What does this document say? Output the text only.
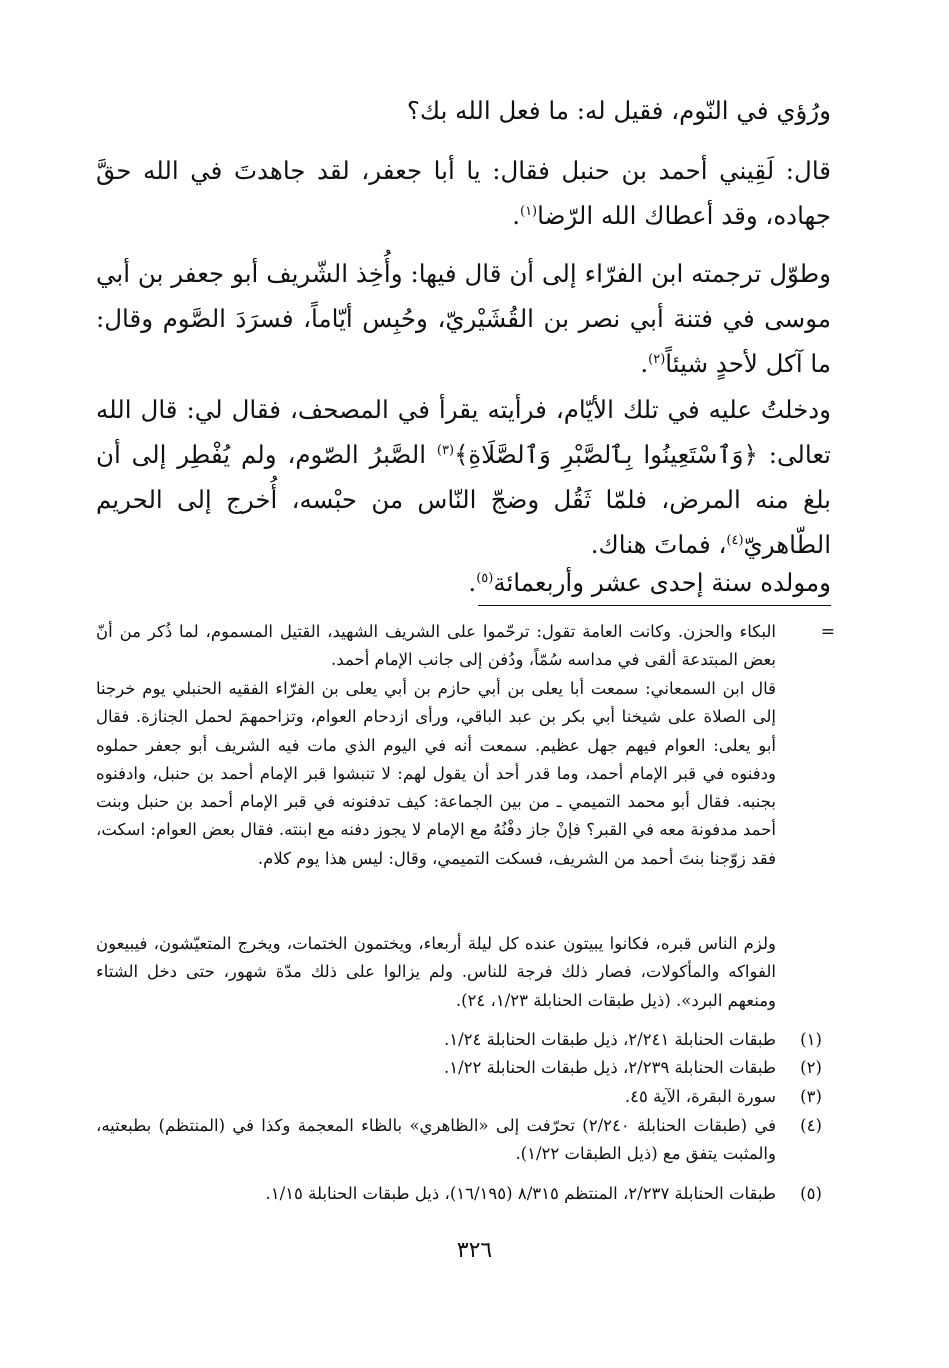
ورُؤي في النّوم، فقيل له: ما فعل الله بك؟

قال: لَقِيني أحمد بن حنبل فقال: يا أبا جعفر، لقد جاهدتَ في الله حقَّ جهاده، وقد أعطاك الله الرّضا$^{(١)}$.

وطوّل ترجمته ابن الفرّاء إلى أن قال فيها: وأُخِذ الشّريف أبو جعفر بن أبي موسى في فتنة أبي نصر بن القُشَيْريّ، وحُبِس أيّاماً، فسرَدَ الصَّوم وقال: ما آكل لأحدٍ شيئاً$^{(٢)}$.

ودخلتُ عليه في تلك الأيّام، فرأيته يقرأ في المصحف، فقال لي: قال الله تعالى: ﴿وَٱسْتَعِينُوا بِٱلصَّبْرِ وَٱلصَّلَاةِ﴾$^{(٣)}$ الصَّبرُ الصّوم، ولم يُفْطِر إلى أن بلغ منه المرض، فلمّا ثَقُل وضجّ النّاس من حبْسه، أُخرج إلى الحريم الطّاهريّ$^{(٤)}$، فماتَ هناك.

ومولده سنة إحدى عشر وأربعمائة$^{(٥)}$.

=

البكاء والحزن. وكانت العامة تقول: ترحّموا على الشريف الشهيد، القتيل المسموم، لما ذُكر من أنّ بعض المبتدعة ألقى في مداسه سُمّاً، ودُفن إلى جانب الإمام أحمد.

قال ابن السمعاني: سمعت أبا يعلى بن أبي حازم بن أبي يعلى بن الفرّاء الفقيه الحنبلي يوم خرجنا إلى الصلاة على شيخنا أبي بكر بن عبد الباقي، ورأى ازدحام العوام، وتزاحمهمَ لحمل الجنازة. فقال أبو يعلى: العوام فيهم جهل عظيم. سمعت أنه في اليوم الذي مات فيه الشريف أبو جعفر حملوه ودفنوه في قبر الإمام أحمد، وما قدر أحد أن يقول لهم: لا تنبشوا قبر الإمام أحمد بن حنبل، وادفنوه بجنبه. فقال أبو محمد التميمي ـ من بين الجماعة: كيف تدفنونه في قبر الإمام أحمد بن حنبل وبنت أحمد مدفونة معه في القبر؟ فإنْ جاز دفْنُهُ مع الإمام لا يجوز دفنه مع ابنته. فقال بعض العوام: اسكت، فقد زوّجنا بنتَ أحمد من الشريف، فسكت التميمي، وقال: ليس هذا يوم كلام.

ولزم الناس قبره، فكانوا يبيتون عنده كل ليلة أربعاء، ويختمون الختمات، ويخرج المتعيّشون، فيبيعون الفواكه والمأكولات، فصار ذلك فرجة للناس. ولم يزالوا على ذلك مدّة شهور، حتى دخل الشتاء ومنعهم البرد». (ذيل طبقات الحنابلة ١/٢٣، ٢٤).

(١)

طبقات الحنابلة ٢/٢٤١، ذيل طبقات الحنابلة ١/٢٤.

(٢)

طبقات الحنابلة ٢/٢٣٩، ذيل طبقات الحنابلة ١/٢٢.

(٣)

سورة البقرة، الآية ٤٥.

(٤)

في (طبقات الحنابلة ٢/٢٤٠) تحرّفت إلى «الظاهري» بالظاء المعجمة وكذا في (المنتظم) بطبعتيه، والمثبت يتفق مع (ذيل الطبقات ١/٢٢).

(٥)

طبقات الحنابلة ٢/٢٣٧، المنتظم ٨/٣١٥ (١٦/١٩٥)، ذيل طبقات الحنابلة ١/١٥.

٣٢٦
